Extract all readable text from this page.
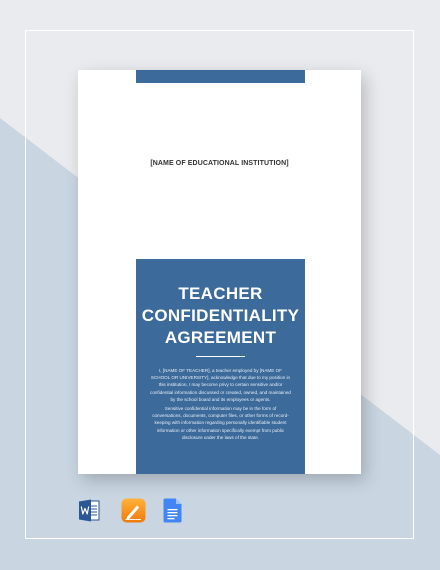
[NAME OF EDUCATIONAL INSTITUTION]
TEACHER
CONFIDENTIALITY
AGREEMENT

I, [NAME OF TEACHER], a teacher employed by [NAME OF SCHOOL OR UNIVERSITY], acknowledge that due to my position in this institution, I may become privy to certain sensitive and/or confidential information discussed or created, owned, and maintained by the school board and its employees or agents.

Sensitive confidential information may be in the form of conversations, documents, computer files, or other forms of record-keeping with information regarding personally identifiable student information or other information specifically exempt from public disclosure under the laws of the state.
